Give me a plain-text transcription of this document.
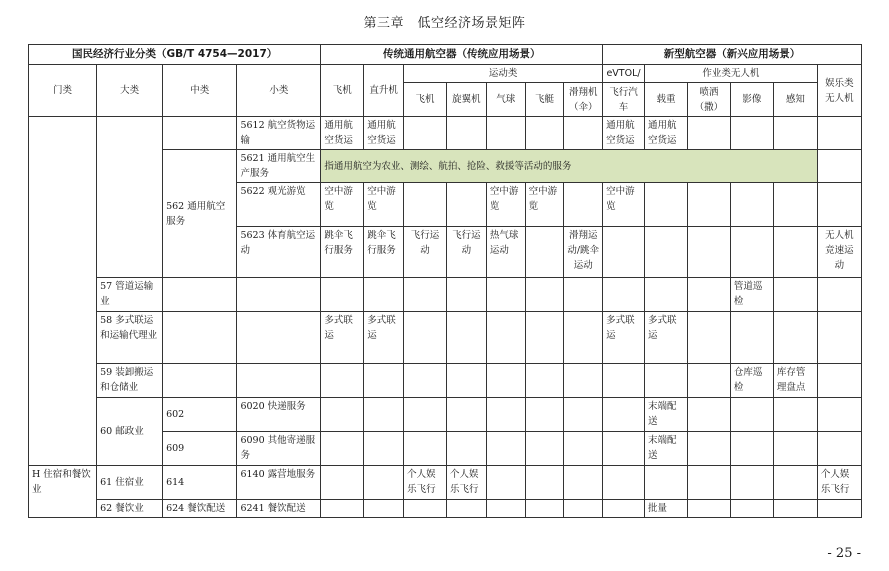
第三章　低空经济场景矩阵
国民经济行业分类（GB/T 4754—2017）				传统通用航空器（传统应用场景）							新型航空器（新兴应用场景）					
门类	大类	中类	小类	飞机	直升机	运动类					eVTOL/	作业类无人机				娱乐类无人机
						飞机	旋翼机	气球	飞艇	滑翔机（伞）	飞行汽车	载重	喷洒（撒）	影像	感知	
			5612 航空货物运输	通用航空货运	通用航空货运						通用航空货运	通用航空货运				
		562 通用航空服务	5621 通用航空生产服务	指通用航空为农业、测绘、航拍、抢险、救援等活动的服务												
			5622 观光游览	空中游览	空中游览			空中游览	空中游览		空中游览					
			5623 体育航空运动	跳伞飞行服务	跳伞飞行服务	飞行运动	飞行运动	热气球运动		滑翔运动/跳伞运动						无人机竞速运动
	57 管道运输业													管道巡检		
	58 多式联运和运输代理业			多式联运	多式联运						多式联运	多式联运				
	59 装卸搬运和仓储业													仓库巡检	库存管理盘点	
	60 邮政业	602	6020 快递服务									末端配送				
		609	6090 其他寄递服务									末端配送				
H 住宿和餐饮业	61 住宿业	614	6140 露营地服务			个人娱乐飞行	个人娱乐飞行									个人娱乐飞行
	62 餐饮业	624 餐饮配送	6241 餐饮配送									批量				
- 25 -
